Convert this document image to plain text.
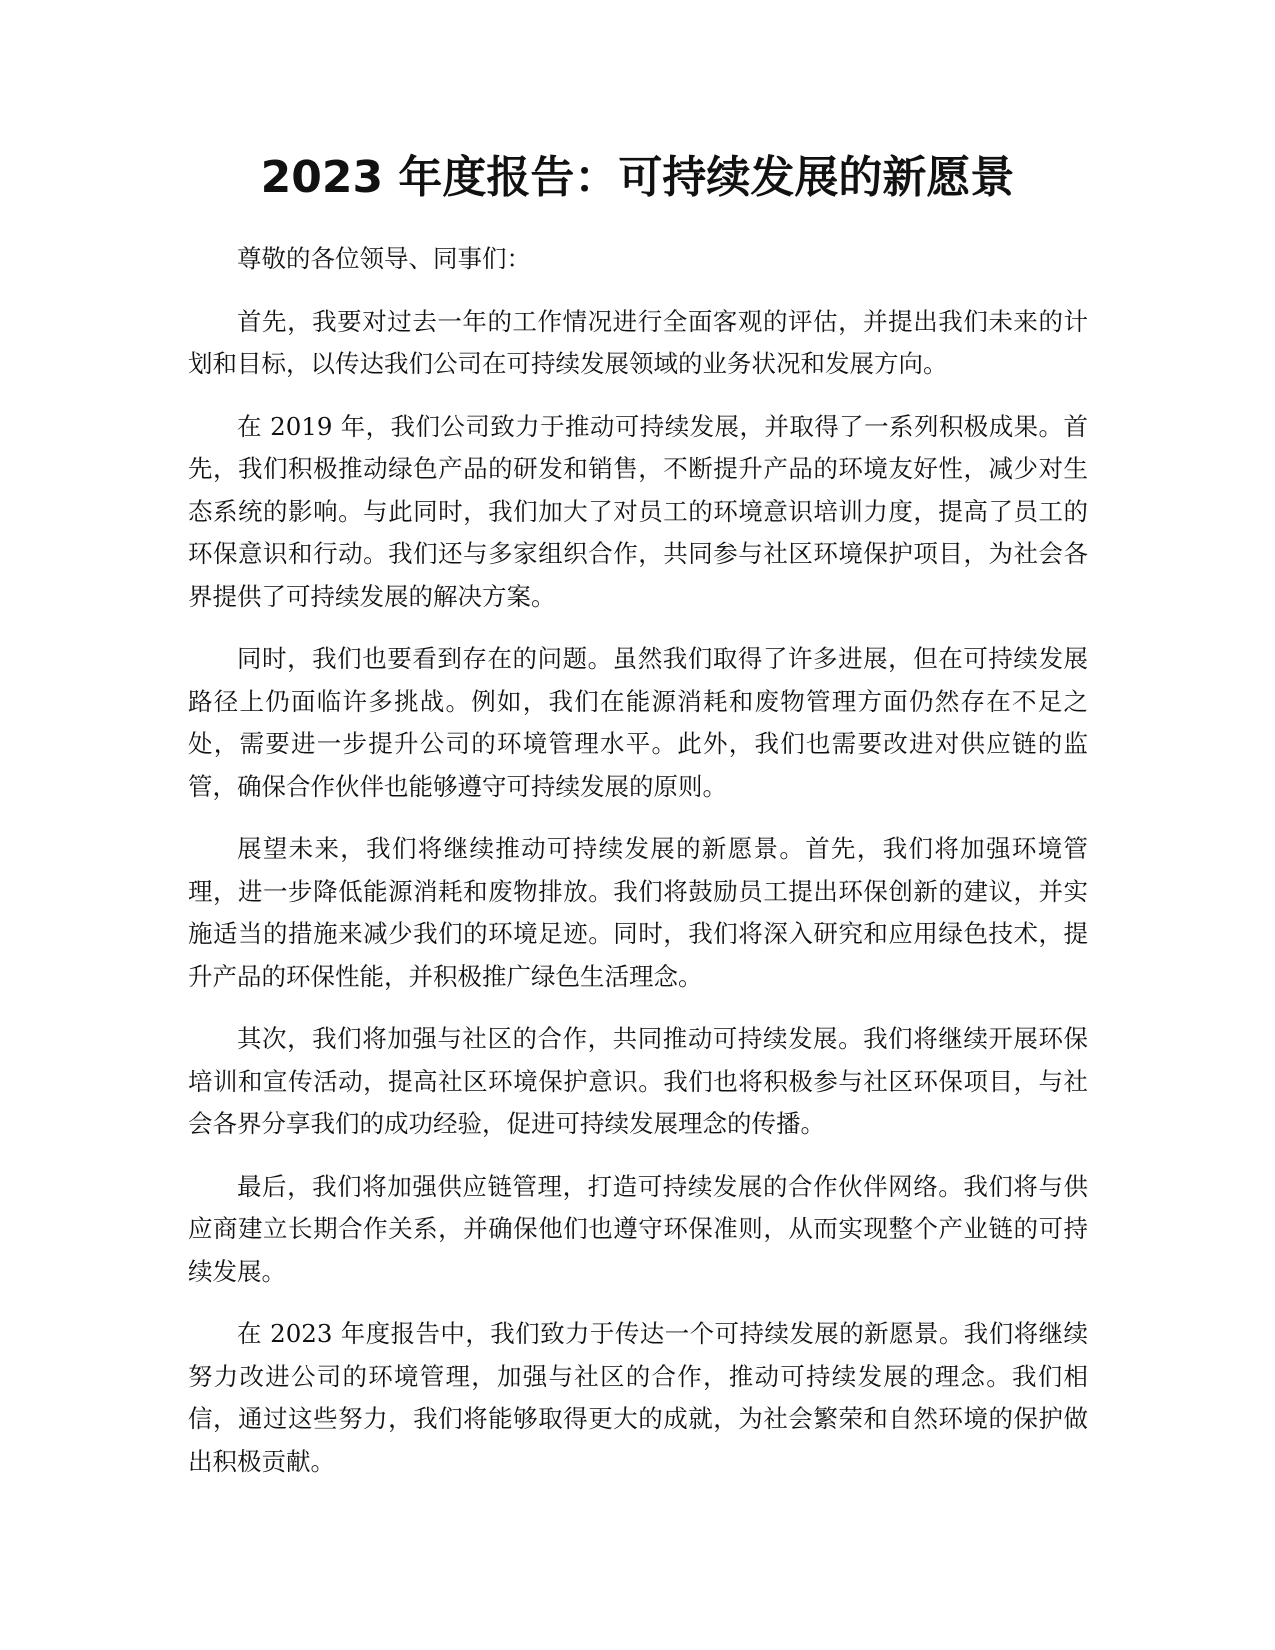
2023 年度报告：可持续发展的新愿景

尊敬的各位领导、同事们：

首先，我要对过去一年的工作情况进行全面客观的评估，并提出我们未来的计划和目标，以传达我们公司在可持续发展领域的业务状况和发展方向。

在 2019 年，我们公司致力于推动可持续发展，并取得了一系列积极成果。首先，我们积极推动绿色产品的研发和销售，不断提升产品的环境友好性，减少对生态系统的影响。与此同时，我们加大了对员工的环境意识培训力度，提高了员工的环保意识和行动。我们还与多家组织合作，共同参与社区环境保护项目，为社会各界提供了可持续发展的解决方案。

同时，我们也要看到存在的问题。虽然我们取得了许多进展，但在可持续发展路径上仍面临许多挑战。例如，我们在能源消耗和废物管理方面仍然存在不足之处，需要进一步提升公司的环境管理水平。此外，我们也需要改进对供应链的监管，确保合作伙伴也能够遵守可持续发展的原则。

展望未来，我们将继续推动可持续发展的新愿景。首先，我们将加强环境管理，进一步降低能源消耗和废物排放。我们将鼓励员工提出环保创新的建议，并实施适当的措施来减少我们的环境足迹。同时，我们将深入研究和应用绿色技术，提升产品的环保性能，并积极推广绿色生活理念。

其次，我们将加强与社区的合作，共同推动可持续发展。我们将继续开展环保培训和宣传活动，提高社区环境保护意识。我们也将积极参与社区环保项目，与社会各界分享我们的成功经验，促进可持续发展理念的传播。

最后，我们将加强供应链管理，打造可持续发展的合作伙伴网络。我们将与供应商建立长期合作关系，并确保他们也遵守环保准则，从而实现整个产业链的可持续发展。

在 2023 年度报告中，我们致力于传达一个可持续发展的新愿景。我们将继续努力改进公司的环境管理，加强与社区的合作，推动可持续发展的理念。我们相信，通过这些努力，我们将能够取得更大的成就，为社会繁荣和自然环境的保护做出积极贡献。
